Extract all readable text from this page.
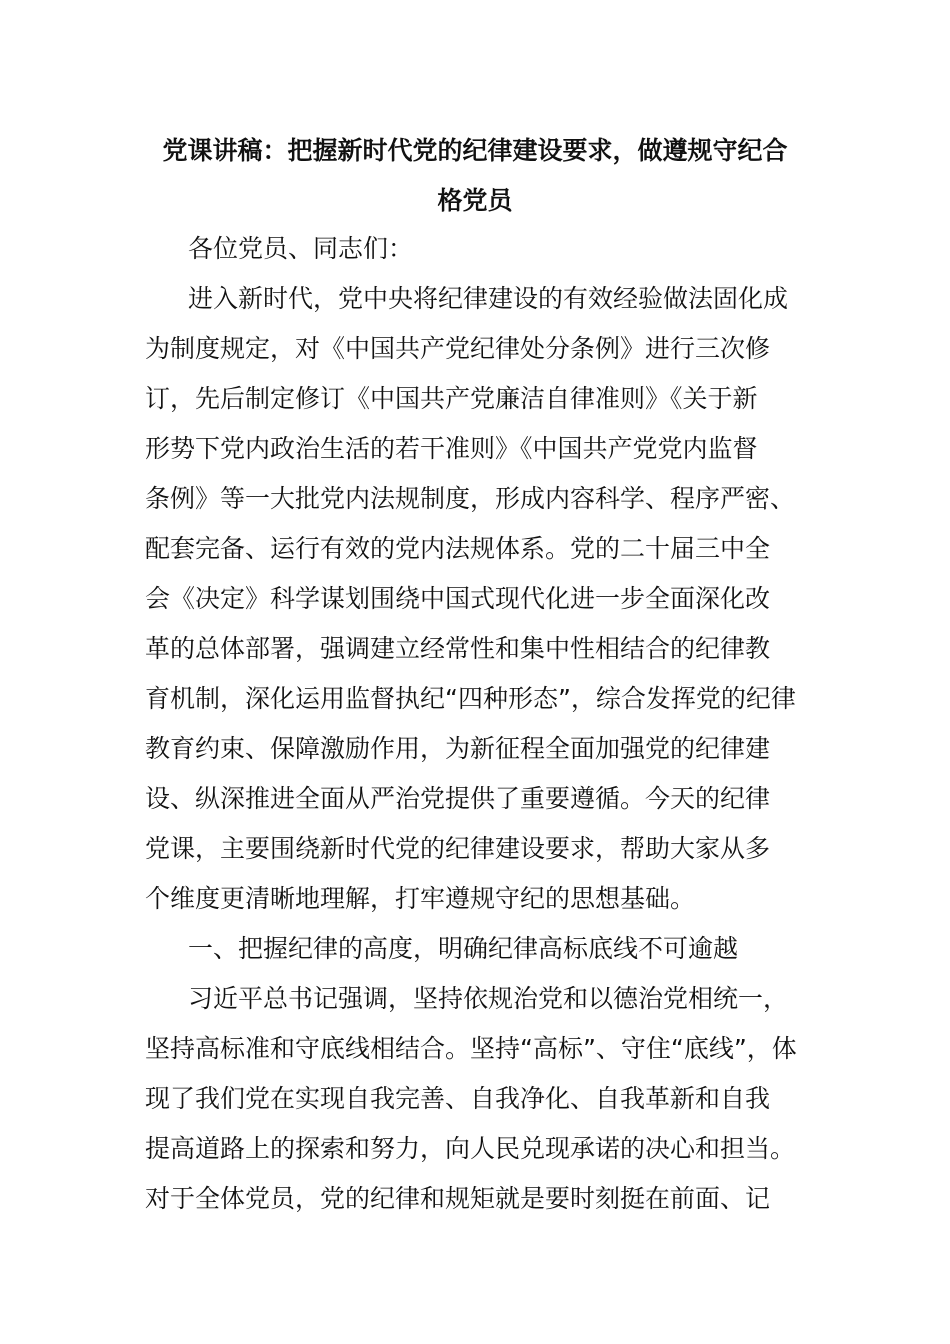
党课讲稿：把握新时代党的纪律建设要求，做遵规守纪合
格党员
各位党员、同志们：
进入新时代，党中央将纪律建设的有效经验做法固化成
为制度规定，对《中国共产党纪律处分条例》进行三次修
订，先后制定修订《中国共产党廉洁自律准则》《关于新
形势下党内政治生活的若干准则》《中国共产党党内监督
条例》等一大批党内法规制度，形成内容科学、程序严密、
配套完备、运行有效的党内法规体系。党的二十届三中全
会《决定》科学谋划围绕中国式现代化进一步全面深化改
革的总体部署，强调建立经常性和集中性相结合的纪律教
育机制，深化运用监督执纪“四种形态”，综合发挥党的纪律
教育约束、保障激励作用，为新征程全面加强党的纪律建
设、纵深推进全面从严治党提供了重要遵循。今天的纪律
党课，主要围绕新时代党的纪律建设要求，帮助大家从多
个维度更清晰地理解，打牢遵规守纪的思想基础。
一、把握纪律的高度，明确纪律高标底线不可逾越
习近平总书记强调，坚持依规治党和以德治党相统一，
坚持高标准和守底线相结合。坚持“高标”、守住“底线”，体
现了我们党在实现自我完善、自我净化、自我革新和自我
提高道路上的探索和努力，向人民兑现承诺的决心和担当。
对于全体党员，党的纪律和规矩就是要时刻挺在前面、记
